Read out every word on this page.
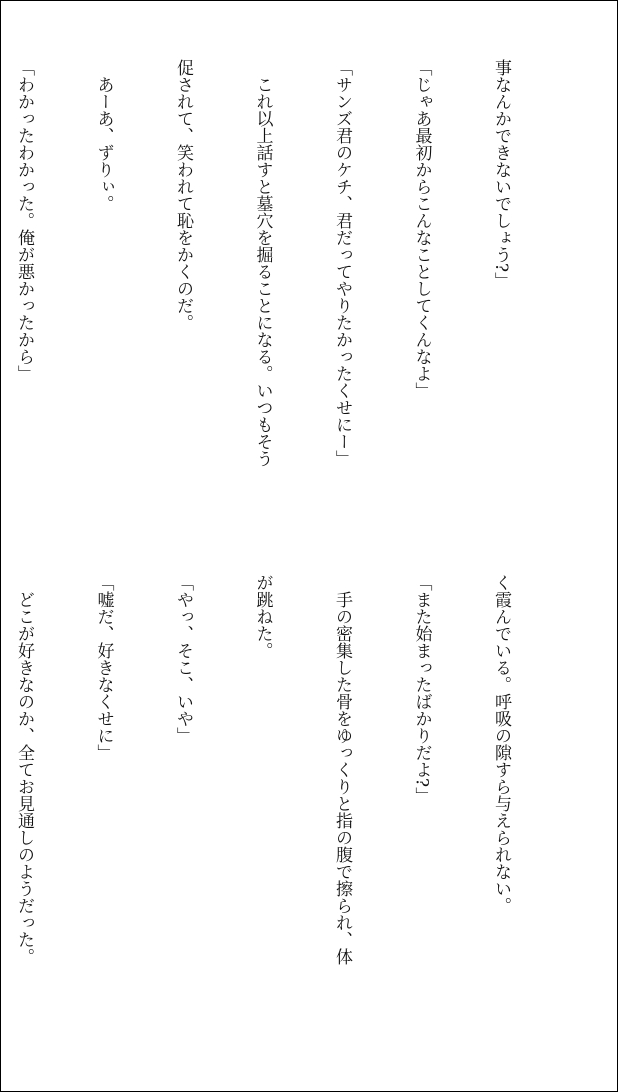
事なんかできないでしょう?」

「じゃあ最初からこんなことしてくんなよ」

「サンズ君のケチ、君だってやりたかったくせにー」

　これ以上話すと墓穴を掘ることになる。いつもそう

促されて、笑われて恥をかくのだ。

　あーあ、ずりぃ。

「わかったわかった。俺が悪かったから」

く霞んでいる。呼吸の隙すら与えられない。

「また始まったばかりだよ?」

　手の密集した骨をゆっくりと指の腹で擦られ、体

が跳ねた。

「やっ、そこ、いや」

「嘘だ、好きなくせに」

　どこが好きなのか、全てお見通しのようだった。
